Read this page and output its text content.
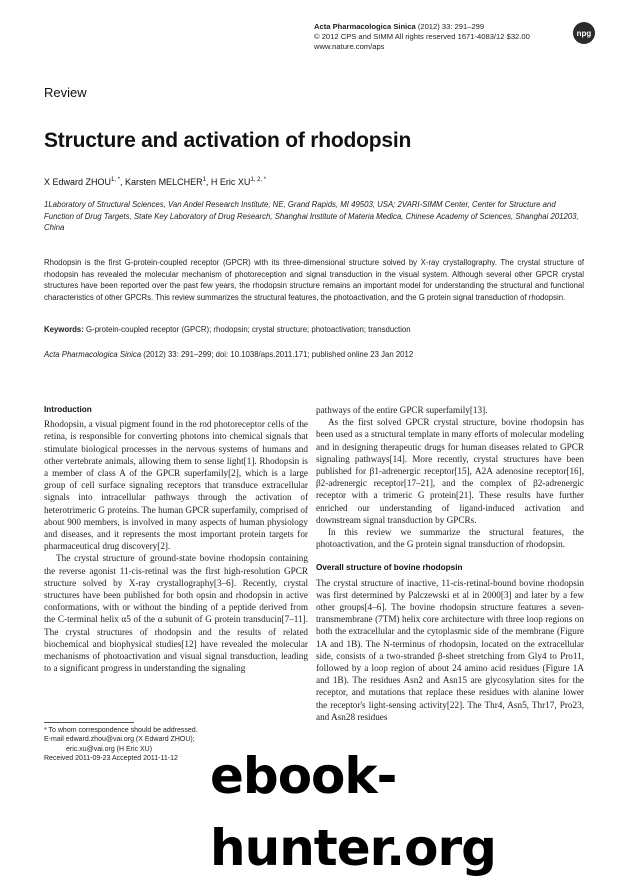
Acta Pharmacologica Sinica (2012) 33: 291–299
© 2012 CPS and SIMM All rights reserved 1671-4083/12 $32.00
www.nature.com/aps
npg
Review
Structure and activation of rhodopsin
X Edward $ZHOU^{1, *}$, Karsten MELCHER$^1$, H Eric $XU^{1, 2, *}$
1Laboratory of Structural Sciences, Van Andel Research Institute, NE, Grand Rapids, MI 49503, USA; 2VARI-SIMM Center, Center for Structure and Function of Drug Targets, State Key Laboratory of Drug Research, Shanghai Institute of Materia Medica, Chinese Academy of Sciences, Shanghai 201203, China
Rhodopsin is the first G-protein-coupled receptor (GPCR) with its three-dimensional structure solved by X-ray crystallography. The crystal structure of rhodopsin has revealed the molecular mechanism of photoreception and signal transduction in the visual system. Although several other GPCR crystal structures have been reported over the past few years, the rhodopsin structure remains an important model for understanding the structural and functional characteristics of other GPCRs. This review summarizes the structural features, the photoactivation, and the G protein signal transduction of rhodopsin.
Keywords: G-protein-coupled receptor (GPCR); rhodopsin; crystal structure; photoactivation; transduction
Acta Pharmacologica Sinica (2012) 33: 291–299; doi: 10.1038/aps.2011.171; published online 23 Jan 2012
Introduction

Rhodopsin, a visual pigment found in the rod photoreceptor cells of the retina, is responsible for converting photons into chemical signals that stimulate biological processes in the nervous systems of humans and other vertebrate animals, allowing them to sense light[1]. Rhodopsin is a member of class A of the GPCR superfamily[2], which is a large group of cell surface signaling receptors that transduce extracellular signals into intracellular pathways through the activation of heterotrimeric G proteins. The human GPCR superfamily, comprised of about 900 members, is involved in many aspects of human physiology and diseases, and it represents the most important protein targets for pharmaceutical drug discovery[2].

The crystal structure of ground-state bovine rhodopsin containing the reverse agonist 11-cis-retinal was the first high-resolution GPCR structure solved by X-ray crystallography[3–6]. Recently, crystal structures have been published for both opsin and rhodopsin in active conformations, with or without the binding of a peptide derived from the C-terminal helix α5 of the α subunit of G protein transducin[7–11]. The crystal structures of rhodopsin and the results of related biochemical and biophysical studies[12] have revealed the molecular mechanisms of photoactivation and visual signal transduction, leading to a significant progress in understanding the signaling

pathways of the entire GPCR superfamily[13].

As the first solved GPCR crystal structure, bovine rhodopsin has been used as a structural template in many efforts of molecular modeling and in designing therapeutic drugs for human diseases related to GPCR signaling pathways[14]. More recently, crystal structures have been published for β1-adrenergic receptor[15], A2A adenosine receptor[16], β2-adrenergic receptor[17–21], and the complex of β2-adrenergic receptor with a trimeric G protein[21]. These results have further enriched our understanding of ligand-induced activation and downstream signal transduction by GPCRs.

In this review we summarize the structural features, the photoactivation, and the G protein signal transduction of rhodopsin.

Overall structure of bovine rhodopsin

The crystal structure of inactive, 11-cis-retinal-bound bovine rhodopsin was first determined by Palczewski et al in 2000[3] and later by a few other groups[4–6]. The bovine rhodopsin structure features a seven-transmembrane (7TM) helix core architecture with three loop regions on both the extracellular and the cytoplasmic side of the membrane (Figure 1A and 1B). The N-terminus of rhodopsin, located on the extracellular side, consists of a two-stranded β-sheet stretching from Gly4 to Pro11, followed by a loop region of about 24 amino acid residues (Figure 1A and 1B). The residues Asn2 and Asn15 are glycosylation sites for the receptor, and mutations that replace these residues with alanine lower the receptor's light-sensing activity[22]. The Thr4, Asn5, Thr17, Pro23, and Asn28 residues

* To whom correspondence should be addressed.
E-mail edward.zhou@vai.org (X Edward ZHOU);
eric.xu@vai.org (H Eric XU)
Received 2011-09-23 Accepted 2011-11-12 ebook-hunter.org
